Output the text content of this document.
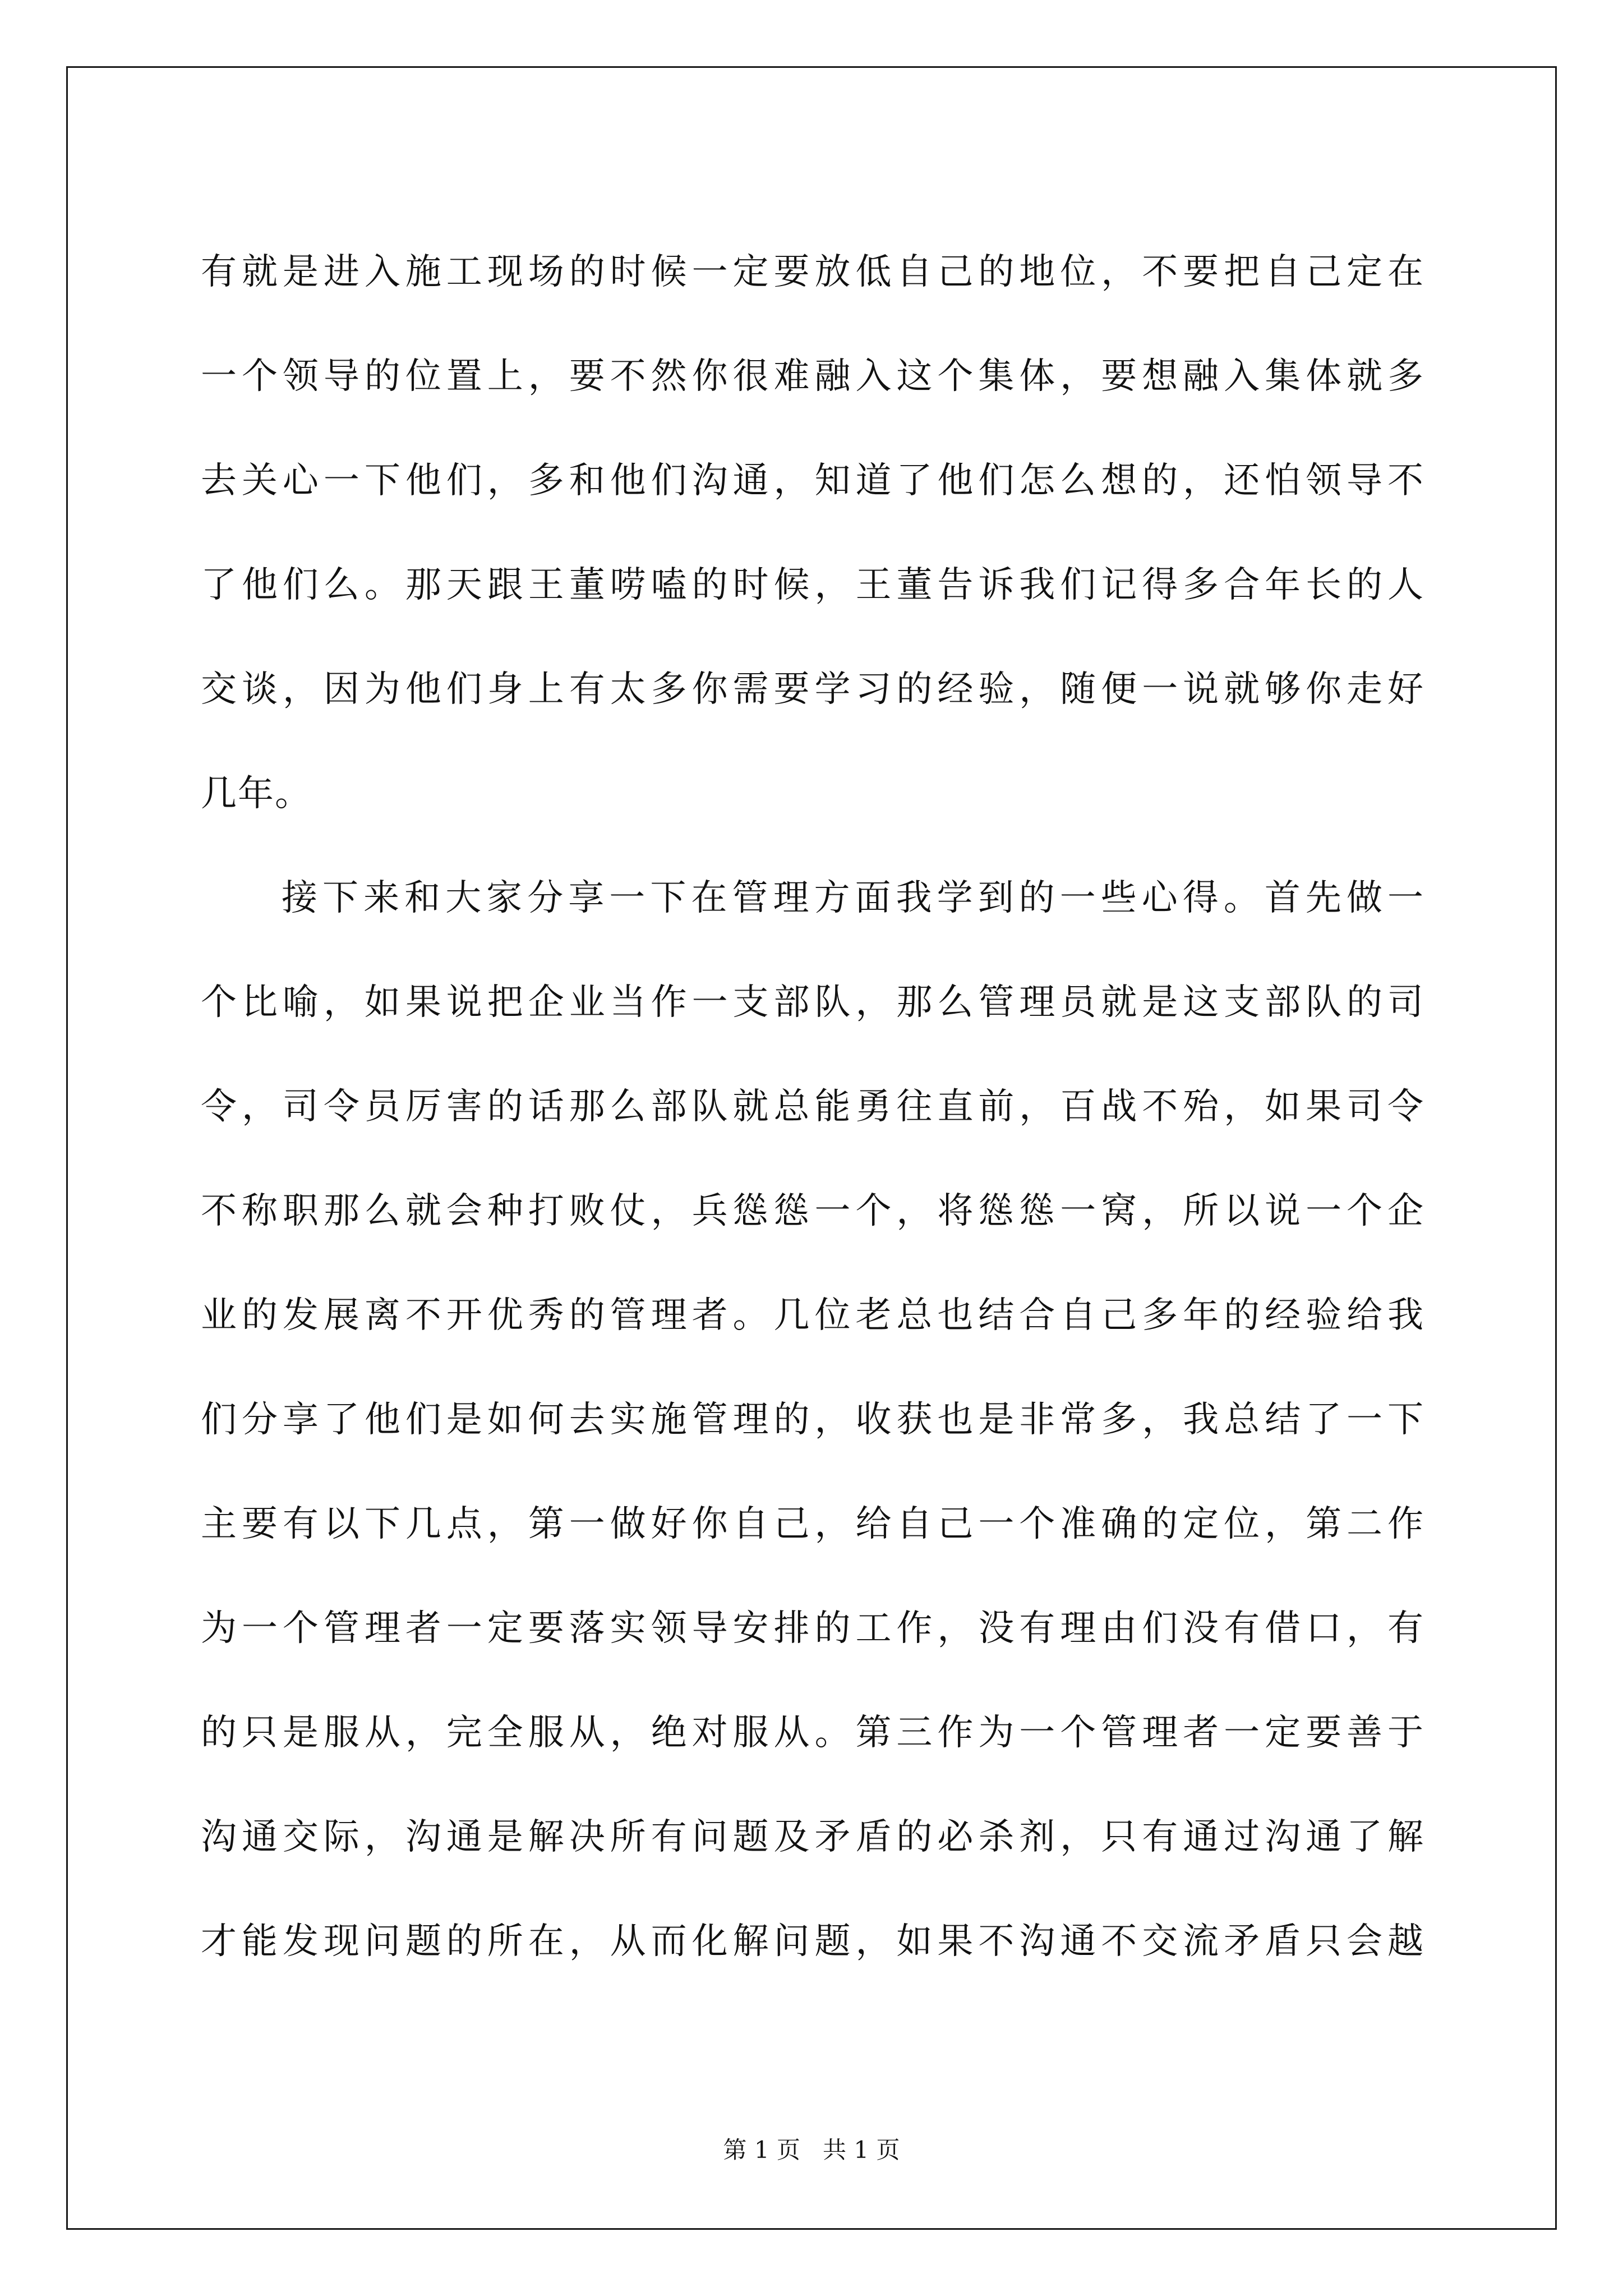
有就是进入施工现场的时候一定要放低自己的地位，不要把自己定在
一个领导的位置上，要不然你很难融入这个集体，要想融入集体就多
去关心一下他们，多和他们沟通，知道了他们怎么想的，还怕领导不
了他们么。那天跟王董唠嗑的时候，王董告诉我们记得多合年长的人
交谈，因为他们身上有太多你需要学习的经验，随便一说就够你走好
几年。
接下来和大家分享一下在管理方面我学到的一些心得。首先做一
个比喻，如果说把企业当作一支部队，那么管理员就是这支部队的司
令，司令员厉害的话那么部队就总能勇往直前，百战不殆，如果司令
不称职那么就会种打败仗，兵慫慫一个，将慫慫一窝，所以说一个企
业的发展离不开优秀的管理者。几位老总也结合自己多年的经验给我
们分享了他们是如何去实施管理的，收获也是非常多，我总结了一下
主要有以下几点，第一做好你自己，给自己一个准确的定位，第二作
为一个管理者一定要落实领导安排的工作，没有理由们没有借口，有
的只是服从，完全服从，绝对服从。第三作为一个管理者一定要善于
沟通交际，沟通是解决所有问题及矛盾的必杀剂，只有通过沟通了解
才能发现问题的所在，从而化解问题，如果不沟通不交流矛盾只会越
第 1 页 共 1 页
